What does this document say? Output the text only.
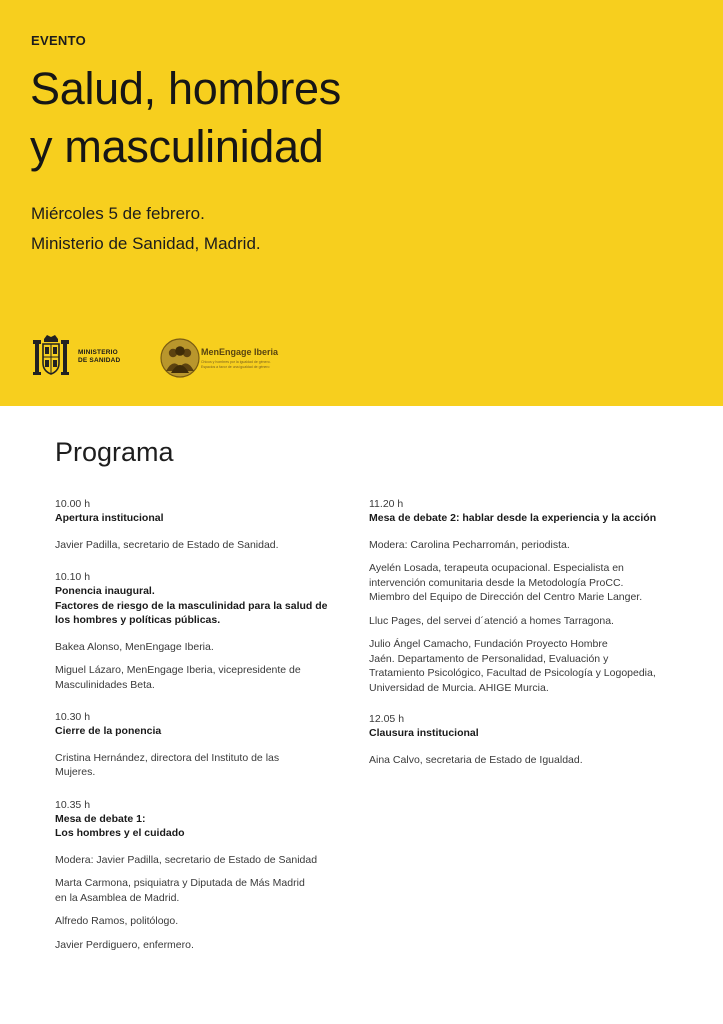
EVENTO
Salud, hombres
y masculinidad
Miércoles 5 de febrero.
Ministerio de Sanidad, Madrid.
MINISTERIO
DE SANIDAD
MenEngage Iberia
Chicos y hombres por la igualdad de género. Espacios a favor de una igualdad de género
Programa
10.00 h
Apertura institucional
Javier Padilla, secretario de Estado de Sanidad.
10.10 h
Ponencia inaugural.
Factores de riesgo de la masculinidad para la salud de
los hombres y políticas públicas.
Bakea Alonso, MenEngage Iberia.
Miguel Lázaro, MenEngage Iberia, vicepresidente de
Masculinidades Beta.
10.30 h
Cierre de la ponencia
Cristina Hernández, directora del Instituto de las
Mujeres.
10.35 h
Mesa de debate 1:
Los hombres y el cuidado
Modera: Javier Padilla, secretario de Estado de Sanidad
Marta Carmona, psiquiatra y Diputada de Más Madrid
en la Asamblea de Madrid.
Alfredo Ramos, politólogo.
Javier Perdiguero, enfermero.
11.20 h
Mesa de debate 2: hablar desde la experiencia y la acción
Modera: Carolina Pecharromán, periodista.
Ayelén Losada, terapeuta ocupacional. Especialista en
intervención comunitaria desde la Metodología ProCC.
Miembro del Equipo de Dirección del Centro Marie Langer.
Lluc Pages, del servei d´atenció a homes Tarragona.
Julio Ángel Camacho, Fundación Proyecto Hombre
Jaén. Departamento de Personalidad, Evaluación y
Tratamiento Psicológico, Facultad de Psicología y Logopedia,
Universidad de Murcia. AHIGE Murcia.
12.05 h
Clausura institucional
Aina Calvo, secretaria de Estado de Igualdad.
